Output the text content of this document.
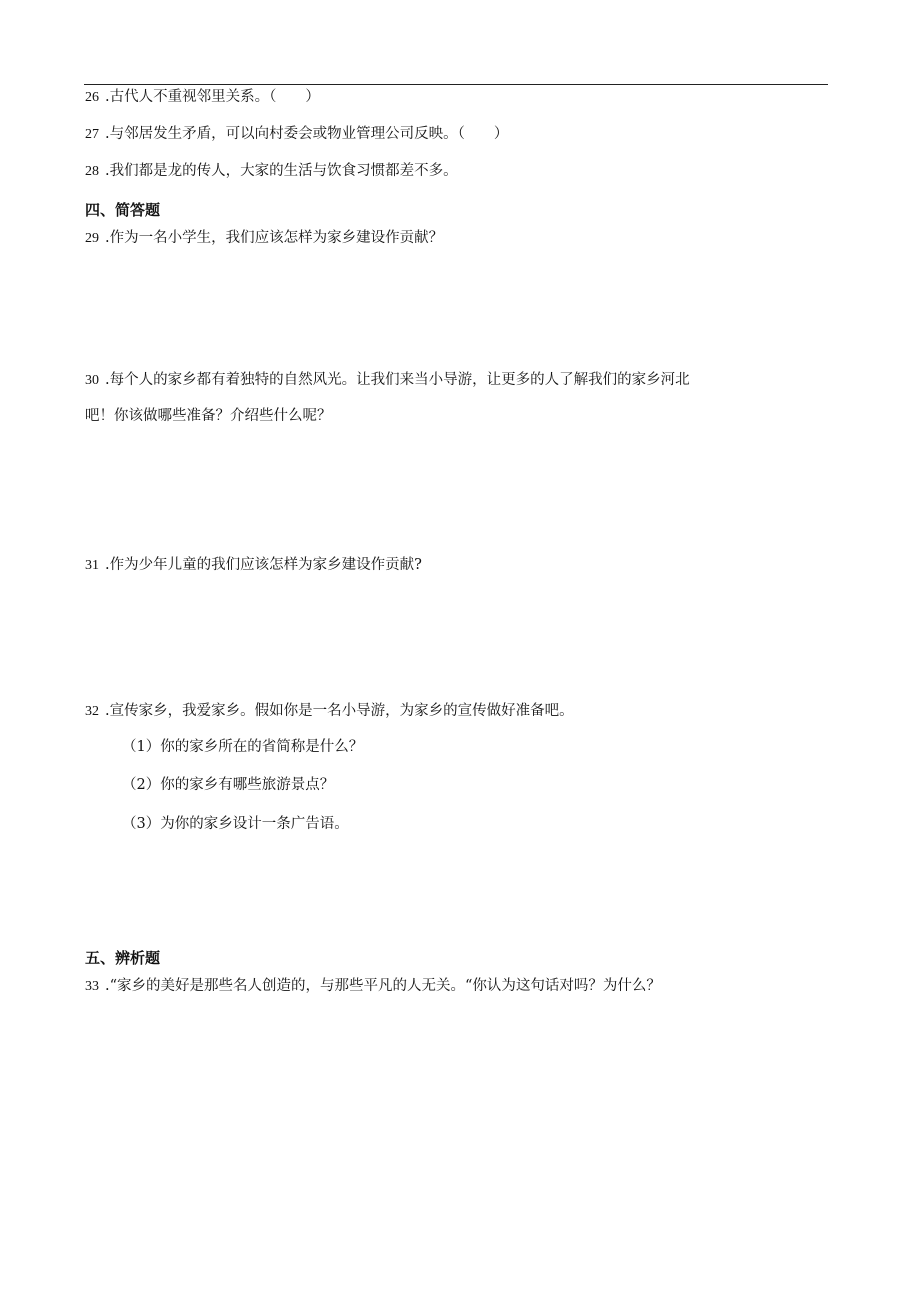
26 .古代人不重视邻里关系。（　　）
27 .与邻居发生矛盾，可以向村委会或物业管理公司反映。（　　）
28 .我们都是龙的传人，大家的生活与饮食习惯都差不多。
四、简答题
29 .作为一名小学生，我们应该怎样为家乡建设作贡献？
30 .每个人的家乡都有着独特的自然风光。让我们来当小导游，让更多的人了解我们的家乡河北
吧！你该做哪些准备？介绍些什么呢？
31 .作为少年儿童的我们应该怎样为家乡建设作贡献?
32 .宣传家乡，我爱家乡。假如你是一名小导游，为家乡的宣传做好准备吧。
（1）你的家乡所在的省简称是什么？
（2）你的家乡有哪些旅游景点？
（3）为你的家乡设计一条广告语。
五、辨析题
33 .“家乡的美好是那些名人创造的，与那些平凡的人无关。“你认为这句话对吗？为什么？
